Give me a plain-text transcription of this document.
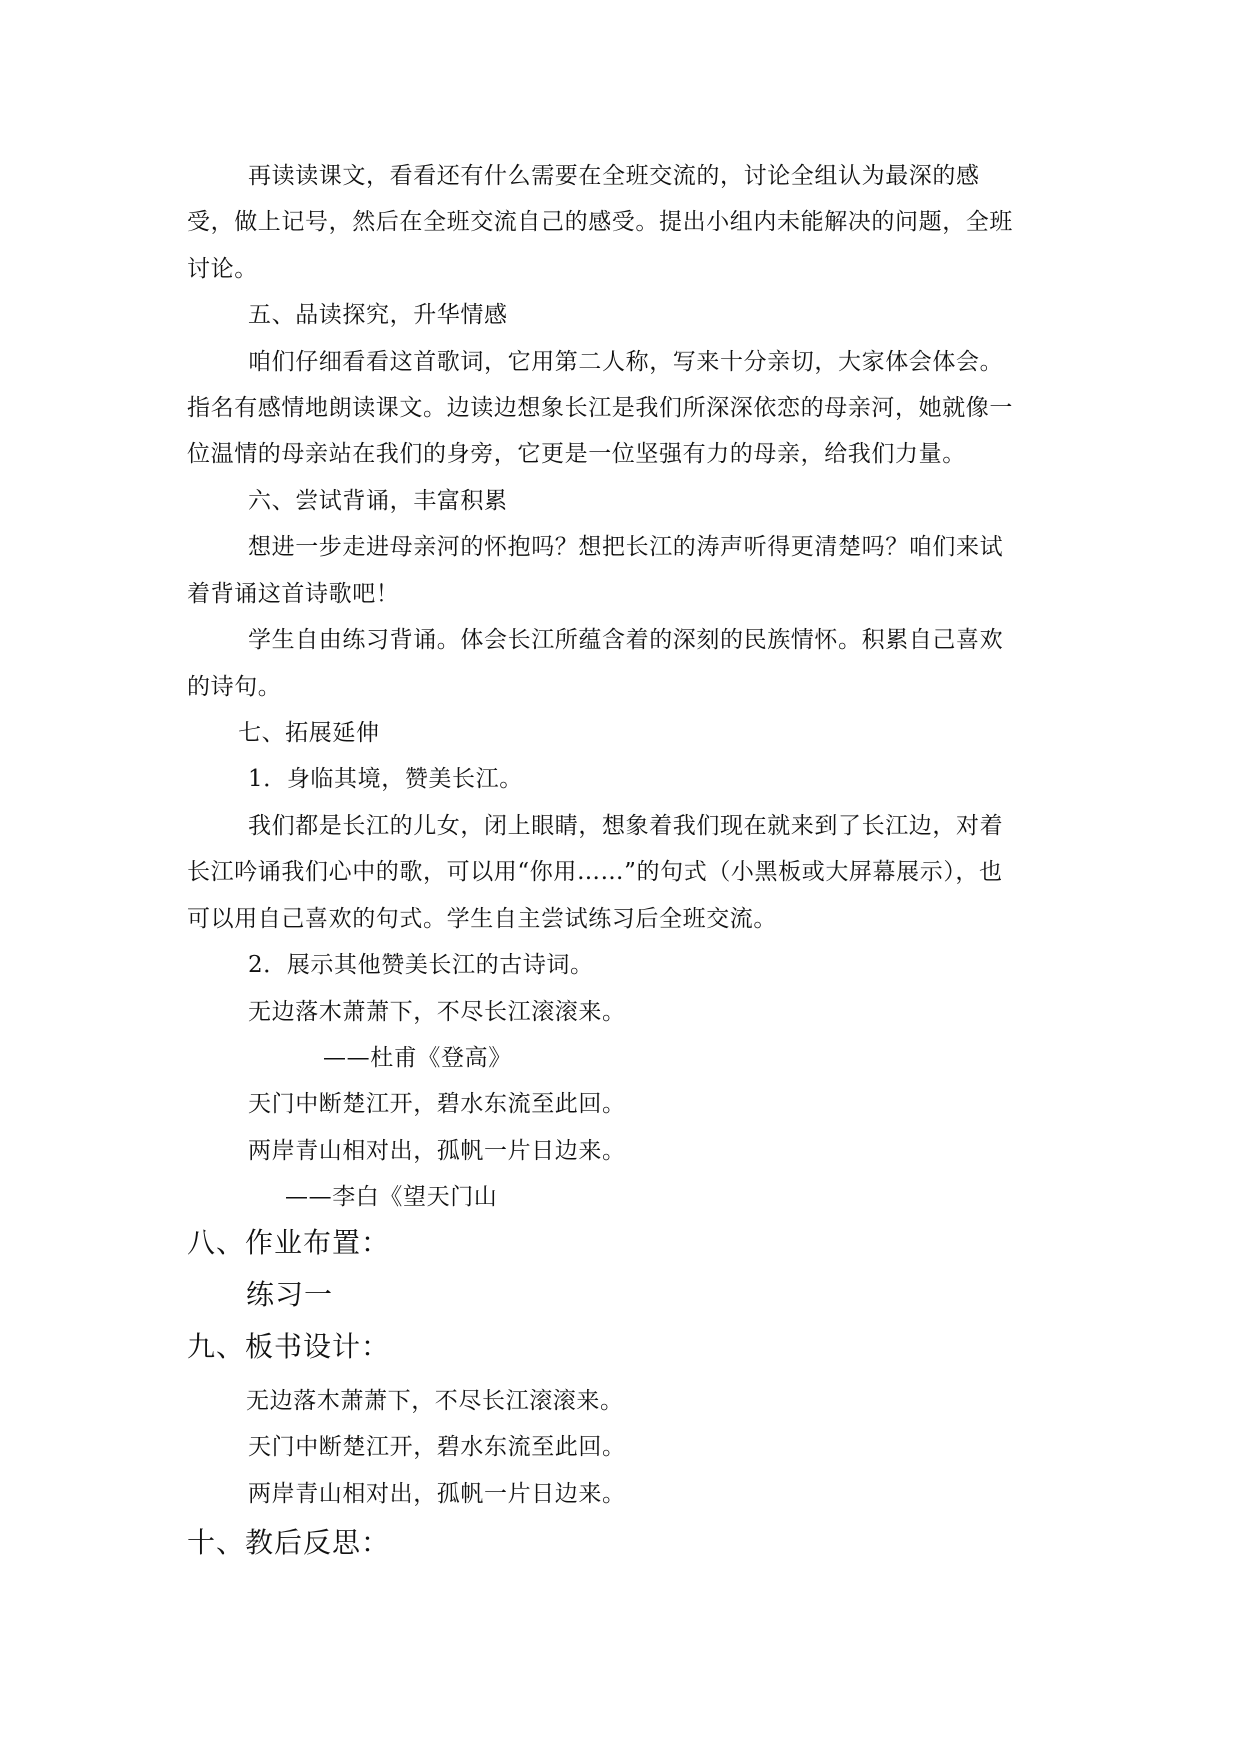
再读读课文，看看还有什么需要在全班交流的，讨论全组认为最深的感
受，做上记号，然后在全班交流自己的感受。提出小组内未能解决的问题，全班
讨论。
五、品读探究，升华情感
咱们仔细看看这首歌词，它用第二人称，写来十分亲切，大家体会体会。
指名有感情地朗读课文。边读边想象长江是我们所深深依恋的母亲河，她就像一
位温情的母亲站在我们的身旁，它更是一位坚强有力的母亲，给我们力量。
六、尝试背诵，丰富积累
想进一步走进母亲河的怀抱吗？想把长江的涛声听得更清楚吗？咱们来试
着背诵这首诗歌吧！
学生自由练习背诵。体会长江所蕴含着的深刻的民族情怀。积累自己喜欢
的诗句。
七、拓展延伸
1．身临其境，赞美长江。
我们都是长江的儿女，闭上眼睛，想象着我们现在就来到了长江边，对着
长江吟诵我们心中的歌，可以用“你用……”的句式（小黑板或大屏幕展示），也
可以用自己喜欢的句式。学生自主尝试练习后全班交流。
2．展示其他赞美长江的古诗词。
无边落木萧萧下，不尽长江滚滚来。
——杜甫《登高》
天门中断楚江开，碧水东流至此回。
两岸青山相对出，孤帆一片日边来。
——李白《望天门山
八、作业布置：
练习一
九、板书设计：
无边落木萧萧下，不尽长江滚滚来。
天门中断楚江开，碧水东流至此回。
两岸青山相对出，孤帆一片日边来。
十、教后反思：
